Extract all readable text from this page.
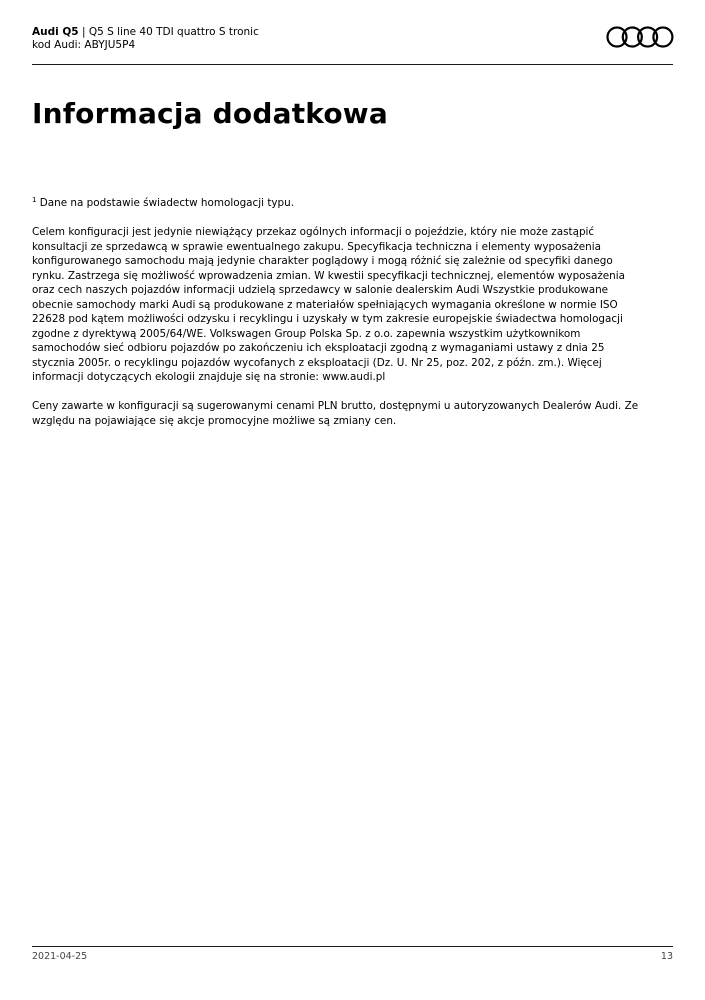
Audi Q5 | Q5 S line 40 TDI quattro S tronic
kod Audi: ABYJU5P4
Informacja dodatkowa

$^1$ Dane na podstawie świadectw homologacji typu.

Celem konfiguracji jest jedynie niewiążący przekaz ogólnych informacji o pojeździe, który nie może zastąpić konsultacji ze sprzedawcą w sprawie ewentualnego zakupu. Specyfikacja techniczna i elementy wyposażenia konfigurowanego samochodu mają jedynie charakter poglądowy i mogą różnić się zależnie od specyfiki danego rynku. Zastrzega się możliwość wprowadzenia zmian. W kwestii specyfikacji technicznej, elementów wyposażenia oraz cech naszych pojazdów informacji udzielą sprzedawcy w salonie dealerskim Audi Wszystkie produkowane obecnie samochody marki Audi są produkowane z materiałów spełniających wymagania określone w normie ISO 22628 pod kątem możliwości odzysku i recyklingu i uzyskały w tym zakresie europejskie świadectwa homologacji zgodne z dyrektywą 2005/64/WE. Volkswagen Group Polska Sp. z o.o. zapewnia wszystkim użytkownikom samochodów sieć odbioru pojazdów po zakończeniu ich eksploatacji zgodną z wymaganiami ustawy z dnia 25 stycznia 2005r. o recyklingu pojazdów wycofanych z eksploatacji (Dz. U. Nr 25, poz. 202, z późn. zm.). Więcej informacji dotyczących ekologii znajduje się na stronie: www.audi.pl

Ceny zawarte w konfiguracji są sugerowanymi cenami PLN brutto, dostępnymi u autoryzowanych Dealerów Audi. Ze względu na pojawiające się akcje promocyjne możliwe są zmiany cen.

2021-04-25	13
